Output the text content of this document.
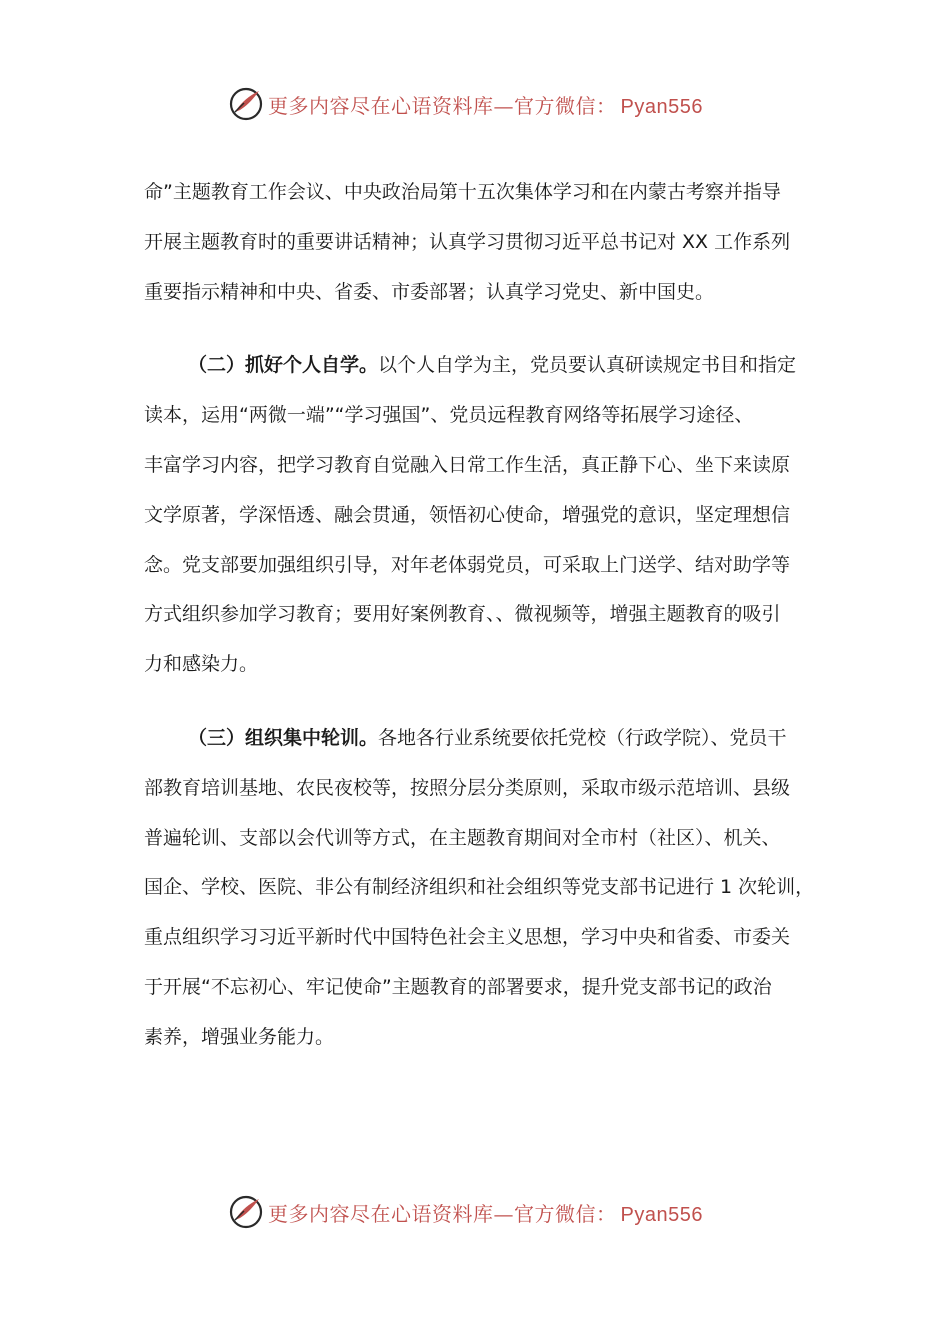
更多内容尽在心语资料库—官方微信： Pyan556

命”主题教育工作会议、中央政治局第十五次集体学习和在内蒙古考察并指导
开展主题教育时的重要讲话精神；认真学习贯彻习近平总书记对 XX 工作系列
重要指示精神和中央、省委、市委部署；认真学习党史、新中国史。

（二）抓好个人自学。以个人自学为主，党员要认真研读规定书目和指定
读本，运用“两微一端”“学习强国”、党员远程教育网络等拓展学习途径、
丰富学习内容，把学习教育自觉融入日常工作生活，真正静下心、坐下来读原
文学原著，学深悟透、融会贯通，领悟初心使命，增强党的意识，坚定理想信
念。党支部要加强组织引导，对年老体弱党员，可采取上门送学、结对助学等
方式组织参加学习教育；要用好案例教育、、微视频等，增强主题教育的吸引
力和感染力。

（三）组织集中轮训。各地各行业系统要依托党校（行政学院）、党员干
部教育培训基地、农民夜校等，按照分层分类原则，采取市级示范培训、县级
普遍轮训、支部以会代训等方式，在主题教育期间对全市村（社区）、机关、
国企、学校、医院、非公有制经济组织和社会组织等党支部书记进行 1 次轮训，
重点组织学习习近平新时代中国特色社会主义思想，学习中央和省委、市委关
于开展“不忘初心、牢记使命”主题教育的部署要求，提升党支部书记的政治
素养，增强业务能力。

更多内容尽在心语资料库—官方微信： Pyan556
